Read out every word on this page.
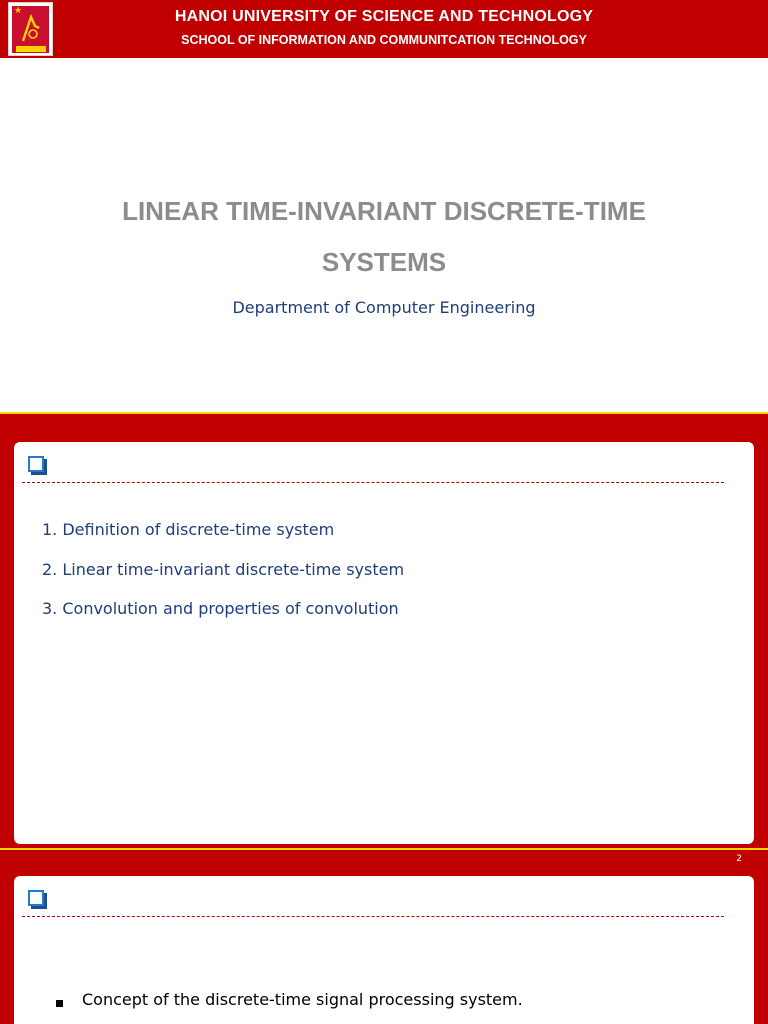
★	HANOI UNIVERSITY OF SCIENCE AND TECHNOLOGY
SCHOOL OF INFORMATION AND COMMUNITCATION TECHNOLOGY
LINEAR TIME-INVARIANT DISCRETE-TIME
SYSTEMS
Department of Computer Engineering
1. Definition of discrete-time system
2. Linear time-invariant discrete-time system
3. Convolution and properties of convolution
2
Concept of the discrete-time signal processing system.
